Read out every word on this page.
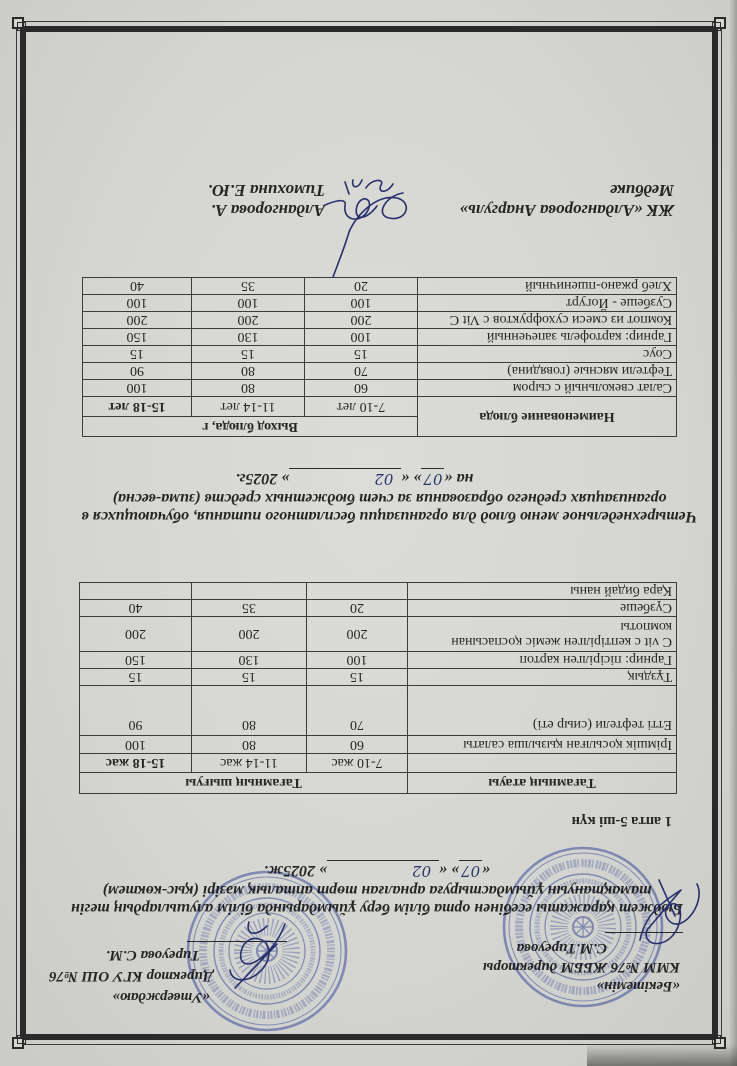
«Бекітемін»
КММ №76 ЖББМ директоры
С.М.Тиреуова
«Утверждаю»
Директор КГУ ОШ №76
Тиреуова С.М.
Бюджет қаражаты есебінен орта білім беру ұйымдарында білім алушылардың тегін
тамақтануын ұйымдастыруға арналған төрт апталық мәзірі (қыс-көктем)
«07» «02» 2025ж.
1 апта 5-ші күн
Тағамның атауы	Тағамның шығуы		
	7-10 жас	11-14 жас	15-18 жас
Ірімшік қосылған қызылша салаты	60	80	100
Етті тефтели (сиыр еті)	70	80	90
Тұздық	15	15	15
Гарнир: пісірілген картоп	100	130	150
С vit с кептірілген жеміс қоспасынан компоты	200	200	200
Сүзбеше	20	35	40
Қара бидай наны			
Четырехнедельное меню блюд для организации бесплатного питания, обучающихся в
организациях среднего образования за счет бюджетных средств (зима-весна)
на «07» «02» 2025г.
Наименование блюда	Выход блюда, г		
	7-10 лет	11-14 лет	15-18 лет
Салат свекольный с сыром	60	80	100
Тефтели мясные (говядина)	70	80	90
Соус	15	15	15
Гарнир: картофель запеченный	100	130	150
Компот из смеси сухофруктов с Vit C	200	200	200
Сузбеше - Йогурт	100	100	100
Хлеб ржано-пшеничный	20	35	40
ЖК «Алдангорова Анаргуль»
Медбике
Алдангорова А.
Тимохина Е.Ю.
